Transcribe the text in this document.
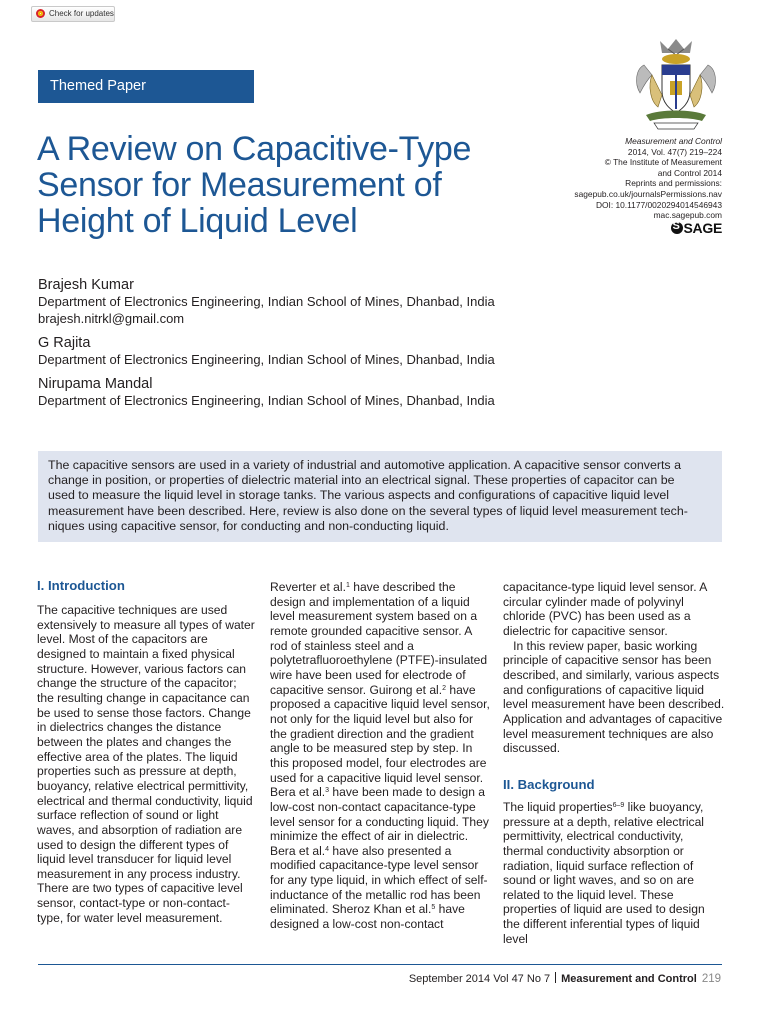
Check for updates
Themed Paper
A Review on Capacitive-Type
Sensor for Measurement of
Height of Liquid Level
Measurement and Control
2014, Vol. 47(7) 219–224
© The Institute of Measurement
and Control 2014
Reprints and permissions:
sagepub.co.uk/journalsPermissions.nav
DOI: 10.1177/0020294014546943
mac.sagepub.com
SSAGE
Brajesh Kumar
Department of Electronics Engineering, Indian School of Mines, Dhanbad, India
brajesh.nitrkl@gmail.com
G Rajita
Department of Electronics Engineering, Indian School of Mines, Dhanbad, India
Nirupama Mandal
Department of Electronics Engineering, Indian School of Mines, Dhanbad, India
The capacitive sensors are used in a variety of industrial and automotive application. A capacitive sensor converts a
change in position, or properties of dielectric material into an electrical signal. These properties of capacitor can be
used to measure the liquid level in storage tanks. The various aspects and configurations of capacitive liquid level
measurement have been described. Here, review is also done on the several types of liquid level measurement tech-
niques using capacitive sensor, for conducting and non-conducting liquid.
I. Introduction
The capacitive techniques are used
extensively to measure all types of water
level. Most of the capacitors are
designed to maintain a fixed physical
structure. However, various factors can
change the structure of the capacitor;
the resulting change in capacitance can
be used to sense those factors. Change
in dielectrics changes the distance
between the plates and changes the
effective area of the plates. The liquid
properties such as pressure at depth,
buoyancy, relative electrical permittivity,
electrical and thermal conductivity, liquid
surface reflection of sound or light
waves, and absorption of radiation are
used to design the different types of
liquid level transducer for liquid level
measurement in any process industry.
There are two types of capacitive level
sensor, contact-type or non-contact-
type, for water level measurement.
Reverter et al.$^1$ have described the
design and implementation of a liquid
level measurement system based on a
remote grounded capacitive sensor. A
rod of stainless steel and a
polytetrafluoroethylene (PTFE)-insulated
wire have been used for electrode of
capacitive sensor. Guirong et al.$^2$ have
proposed a capacitive liquid level sensor,
not only for the liquid level but also for
the gradient direction and the gradient
angle to be measured step by step. In
this proposed model, four electrodes are
used for a capacitive liquid level sensor.
Bera et al.$^3$ have been made to design a
low-cost non-contact capacitance-type
level sensor for a conducting liquid. They
minimize the effect of air in dielectric.
Bera et al.$^4$ have also presented a
modified capacitance-type level sensor
for any type liquid, in which effect of self-
inductance of the metallic rod has been
eliminated. Sheroz Khan et al.$^5$ have
designed a low-cost non-contact
capacitance-type liquid level sensor. A
circular cylinder made of polyvinyl
chloride (PVC) has been used as a
dielectric for capacitive sensor.
In this review paper, basic working
principle of capacitive sensor has been
described, and similarly, various aspects
and configurations of capacitive liquid
level measurement have been described.
Application and advantages of capacitive
level measurement techniques are also
discussed.
II. Background
The liquid properties$^{6-9}$ like buoyancy,
pressure at a depth, relative electrical
permittivity, electrical conductivity,
thermal conductivity absorption or
radiation, liquid surface reflection of
sound or light waves, and so on are
related to the liquid level. These
properties of liquid are used to design
the different inferential types of liquid level
September 2014 Vol 47 No 7 Measurement and Control 219
